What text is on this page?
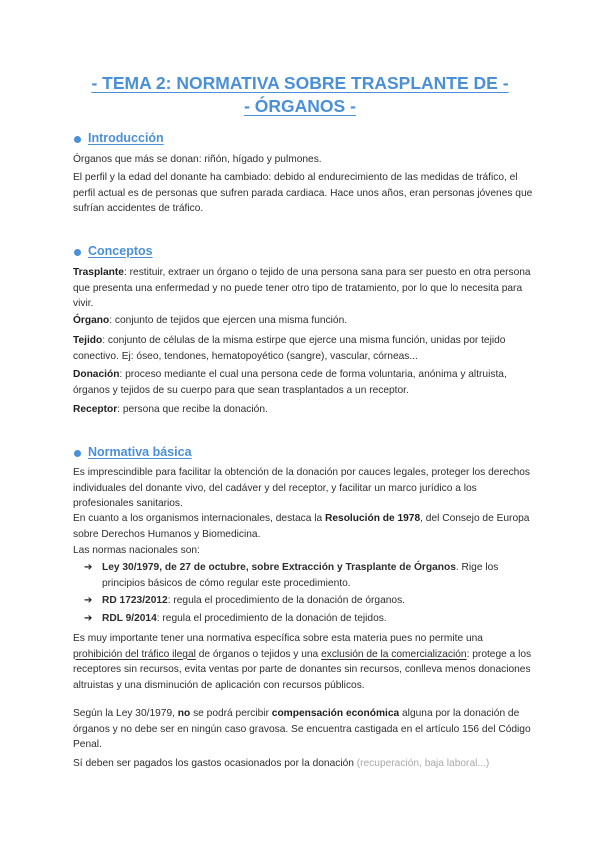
- TEMA 2: NORMATIVA SOBRE TRASPLANTE DE -
- ÓRGANOS -
Introducción
Órganos que más se donan: riñón, hígado y pulmones.
El perfil y la edad del donante ha cambiado: debido al endurecimiento de las medidas de tráfico, el perfil actual es de personas que sufren parada cardiaca. Hace unos años, eran personas jóvenes que sufrían accidentes de tráfico.
Conceptos
Trasplante: restituir, extraer un órgano o tejido de una persona sana para ser puesto en otra persona que presenta una enfermedad y no puede tener otro tipo de tratamiento, por lo que lo necesita para vivir.
Órgano: conjunto de tejidos que ejercen una misma función.
Tejido: conjunto de células de la misma estirpe que ejerce una misma función, unidas por tejido conectivo. Ej: óseo, tendones, hematopoyético (sangre), vascular, córneas...
Donación: proceso mediante el cual una persona cede de forma voluntaria, anónima y altruista, órganos y tejidos de su cuerpo para que sean trasplantados a un receptor.
Receptor: persona que recibe la donación.
Normativa básica
Es imprescindible para facilitar la obtención de la donación por cauces legales, proteger los derechos individuales del donante vivo, del cadáver y del receptor, y facilitar un marco jurídico a los profesionales sanitarios.
En cuanto a los organismos internacionales, destaca la Resolución de 1978, del Consejo de Europa sobre Derechos Humanos y Biomedicina.
Las normas nacionales son:
➔ Ley 30/1979, de 27 de octubre, sobre Extracción y Trasplante de Órganos. Rige los principios básicos de cómo regular este procedimiento.
➔ RD 1723/2012: regula el procedimiento de la donación de órganos.
➔ RDL 9/2014: regula el procedimiento de la donación de tejidos.
Es muy importante tener una normativa específica sobre esta materia pues no permite una prohibición del tráfico ilegal de órganos o tejidos y una exclusión de la comercialización: protege a los receptores sin recursos, evita ventas por parte de donantes sin recursos, conlleva menos donaciones altruistas y una disminución de aplicación con recursos públicos.
Según la Ley 30/1979, no se podrá percibir compensación económica alguna por la donación de órganos y no debe ser en ningún caso gravosa. Se encuentra castigada en el artículo 156 del Código Penal.
Sí deben ser pagados los gastos ocasionados por la donación (recuperación, baja laboral...)
